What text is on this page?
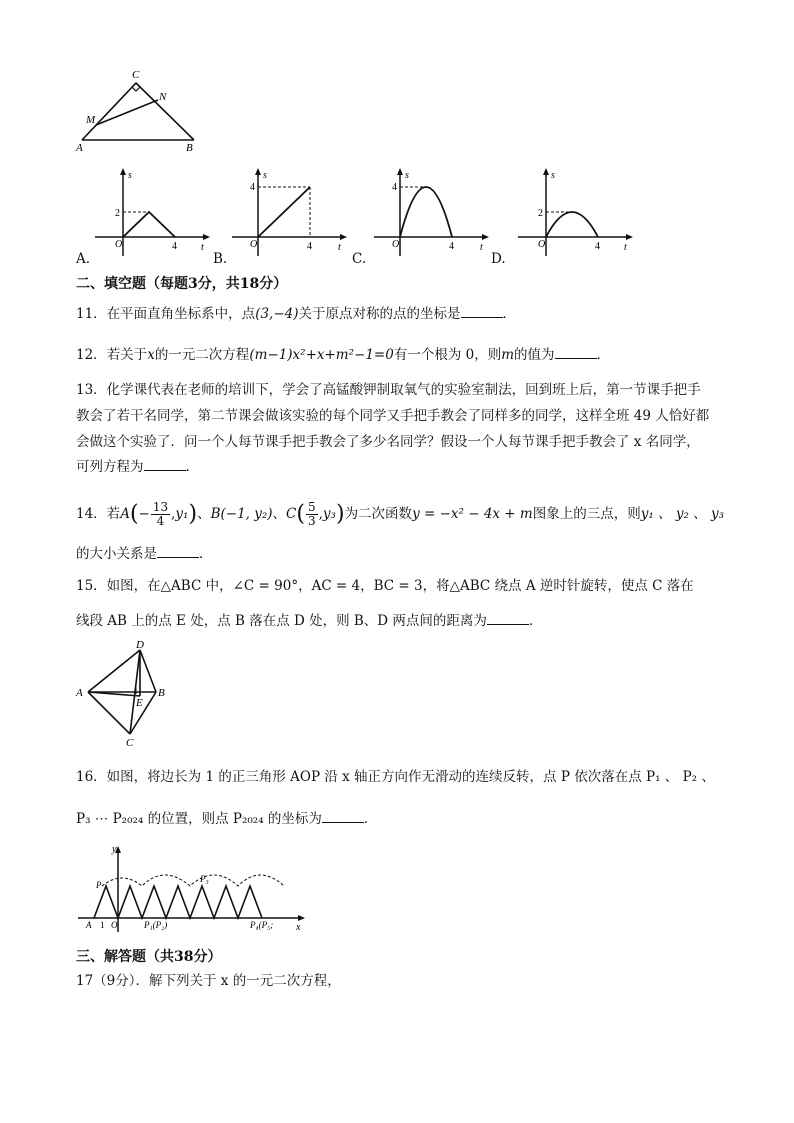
C
N
M
A	B
s
t
O
2
4
A.
s
t
O
4
4
B.
s
t
O
4
4
C.
s
t
O
2
4
D.
二、填空题（每题3分，共18分）
11．在平面直角坐标系中，点(3,−4)关于原点对称的点的坐标是	．
12．若关于x的一元二次方程(m−1)x²+x+m²−1=0有一个根为 0，则m的值为	．
13．化学课代表在老师的培训下，学会了高锰酸钾制取氧气的实验室制法，回到班上后，第一节课手把手
教会了若干名同学，第二节课会做该实验的每个同学又手把手教会了同样多的同学，这样全班 49 人恰好都
会做这个实验了．问一个人每节课手把手教会了多少名同学？假设一个人每节课手把手教会了 x 名同学，
可列方程为	．
14．若$A(- \frac{13}{4} ,y_1)$、B(−1, y₂)、$C( \frac{5}{3} ,y_3)$为二次函数y = −x² − 4x + m图象上的三点，则y₁ 、 y₂ 、 y₃
的大小关系是	．
15．如图，在△ABC 中，∠C = 90°，AC = 4，BC = 3，将△ABC 绕点 A 逆时针旋转，使点 C 落在
线段 AB 上的点 E 处，点 B 落在点 D 处，则 B、D 两点间的距离为	．
D
A
E
B
C
16．如图，将边长为 1 的正三角形 AOP 沿 x 轴正方向作无滑动的连续反转，点 P 依次落在点 P₁ 、 P₂ 、
P₃ ⋯ P₂₀₂₄ 的位置，则点 P₂₀₂₄ 的坐标为	．
y
P
A 1 O	P₁(P₂)
P₃
P₄(P₅; x
三、解答题（共38分）
17（9分）．解下列关于 x 的一元二次方程，
